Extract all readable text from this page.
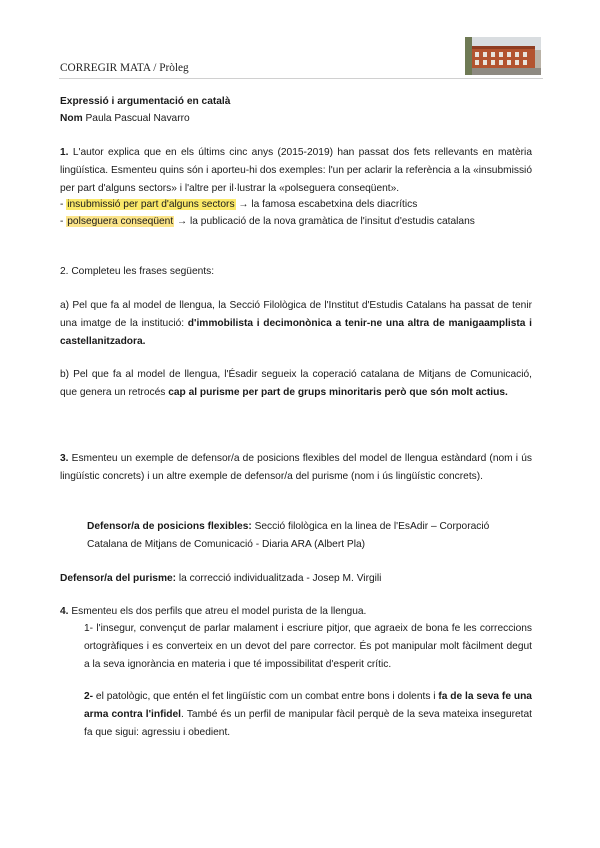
CORREGIR MATA / Pròleg
Expressió i argumentació en català
Nom Paula Pascual Navarro
1. L'autor explica que en els últims cinc anys (2015-2019) han passat dos fets rellevants en matèria lingüística. Esmenteu quins són i aporteu-hi dos exemples: l'un per aclarir la referència a la «insubmissió per part d'alguns sectors» i l'altre per il·lustrar la «polseguera conseqüent».
- insubmissió per part d'alguns sectors → la famosa escabetxina dels diacrítics
- polseguera conseqüent → la publicació de la nova gramàtica de l'insitut d'estudis catalans
2. Completeu les frases següents:
a) Pel que fa al model de llengua, la Secció Filològica de l'Institut d'Estudis Catalans ha passat de tenir una imatge de la institució: d'immobilista i decimonònica a tenir-ne una altra de manigaamplista i castellanitzadora.
b) Pel que fa al model de llengua, l'Ésadir segueix la coperació catalana de Mitjans de Comunicació, que genera un retrocés cap al purisme per part de grups minoritaris però que són molt actius.
3. Esmenteu un exemple de defensor/a de posicions flexibles del model de llengua estàndard (nom i ús lingüístic concrets) i un altre exemple de defensor/a del purisme (nom i ús lingüístic concrets).
Defensor/a de posicions flexibles: Secció filològica en la linea de l'EsAdir – Corporació Catalana de Mitjans de Comunicació - Diaria ARA (Albert Pla)
Defensor/a del purisme: la correcció individualitzada - Josep M. Virgili
4. Esmenteu els dos perfils que atreu el model purista de la llengua.
1- l'insegur, convençut de parlar malament i escriure pitjor, que agraeix de bona fe les correccions ortogràfiques i es converteix en un devot del pare corrector. És pot manipular molt fàcilment degut a la seva ignorància en materia i que té impossibilitat d'esperit crític.
2- el patològic, que entén el fet lingüístic com un combat entre bons i dolents i fa de la seva fe una arma contra l'infidel. També és un perfil de manipular fàcil perquè de la seva mateixa inseguretat fa que sigui: agressiu i obedient.
